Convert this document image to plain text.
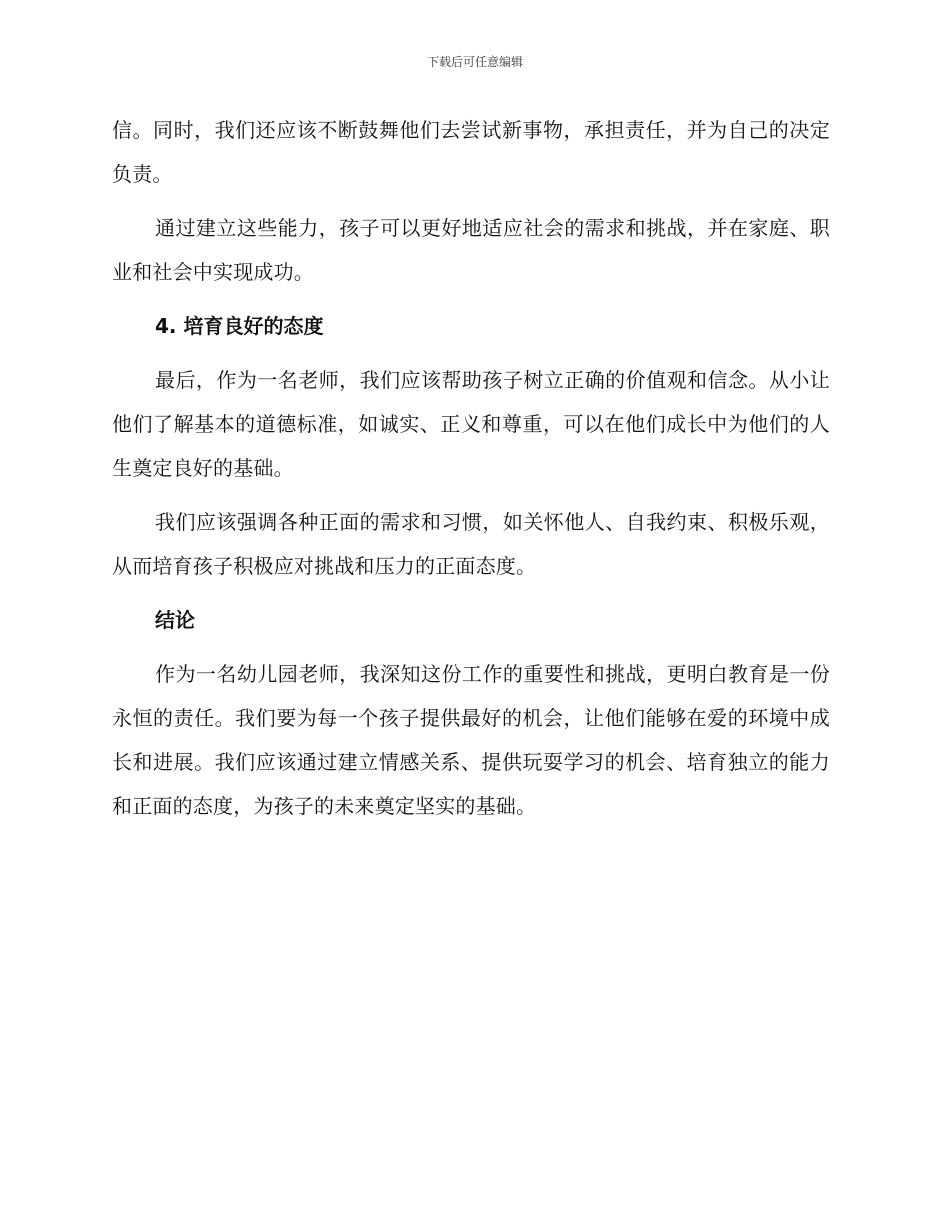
下载后可任意编辑

信。同时，我们还应该不断鼓舞他们去尝试新事物，承担责任，并为自己的决定负责。

通过建立这些能力，孩子可以更好地适应社会的需求和挑战，并在家庭、职业和社会中实现成功。

4. 培育良好的态度

最后，作为一名老师，我们应该帮助孩子树立正确的价值观和信念。从小让他们了解基本的道德标准，如诚实、正义和尊重，可以在他们成长中为他们的人生奠定良好的基础。

我们应该强调各种正面的需求和习惯，如关怀他人、自我约束、积极乐观，从而培育孩子积极应对挑战和压力的正面态度。

结论

作为一名幼儿园老师，我深知这份工作的重要性和挑战，更明白教育是一份永恒的责任。我们要为每一个孩子提供最好的机会，让他们能够在爱的环境中成长和进展。我们应该通过建立情感关系、提供玩耍学习的机会、培育独立的能力和正面的态度，为孩子的未来奠定坚实的基础。
